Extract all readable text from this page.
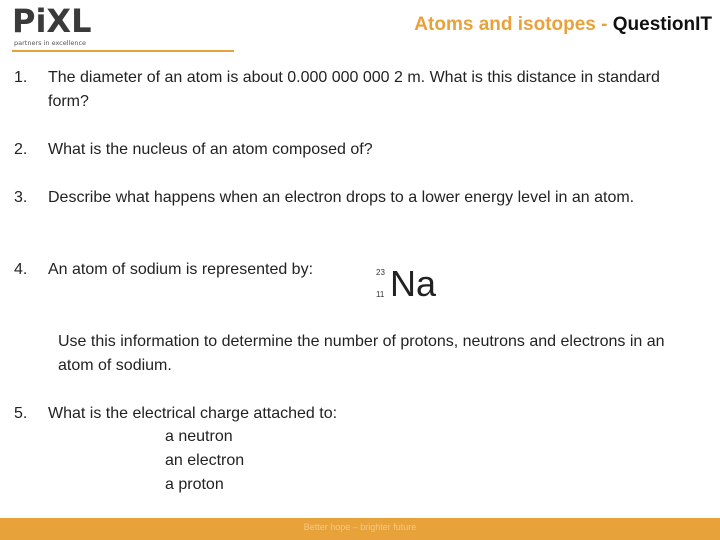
PiXL
partners in excellence
Atoms and isotopes - QuestionIT
1.	The diameter of an atom is about 0.000 000 000 2 m. What is this distance in standard form?
2.	What is the nucleus of an atom composed of?
3.	Describe what happens when an electron drops to a lower energy level in an atom.
4.	An atom of sodium is represented by:	23
11 Na
Use this information to determine the number of protons, neutrons and electrons in an atom of sodium.
5.	What is the electrical charge attached to:
a neutron
an electron
a proton
Better hope – brighter future
